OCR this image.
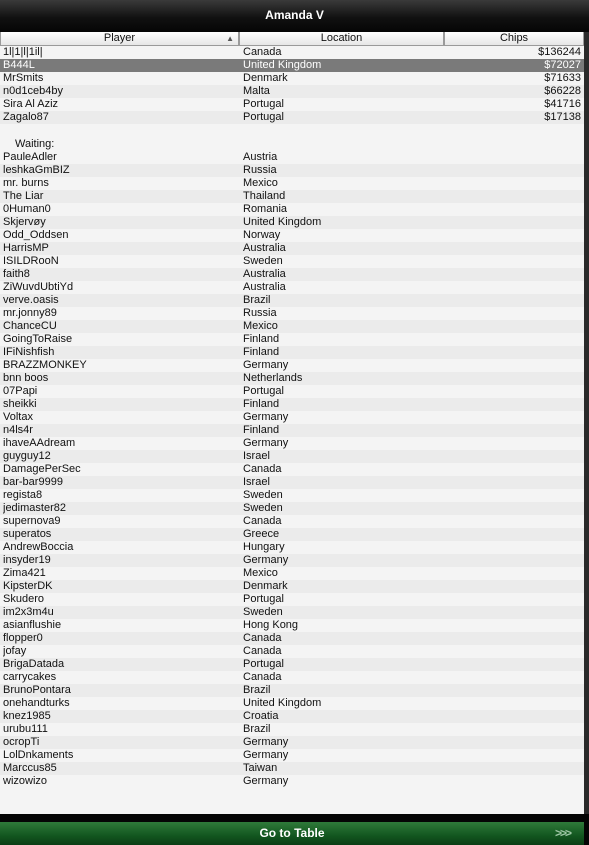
Amanda V
Player	▲	Location	Chips
1l|1|l|1il|	Canada	$136244
B444L	United Kingdom	$72027
MrSmits	Denmark	$71633
n0d1ceb4by	Malta	$66228
Sira Al Aziz	Portugal	$41716
Zagalo87	Portugal	$17138
Waiting:
PauleAdler	Austria
leshkaGmBIZ	Russia
mr. burns	Mexico
The Liar	Thailand
0Human0	Romania
Skjervøy	United Kingdom
Odd_Oddsen	Norway
HarrisMP	Australia
ISILDRooN	Sweden
faith8	Australia
ZiWuvdUbtiYd	Australia
verve.oasis	Brazil
mr.jonny89	Russia
ChanceCU	Mexico
GoingToRaise	Finland
IFiNishfish	Finland
BRAZZMONKEY	Germany
bnn boos	Netherlands
07Papi	Portugal
sheikki	Finland
Voltax	Germany
n4ls4r	Finland
ihaveAAdream	Germany
guyguy12	Israel
DamagePerSec	Canada
bar-bar9999	Israel
regista8	Sweden
jedimaster82	Sweden
supernova9	Canada
superatos	Greece
AndrewBoccia	Hungary
insyder19	Germany
Zima421	Mexico
KipsterDK	Denmark
Skudero	Portugal
im2x3m4u	Sweden
asianflushie	Hong Kong
flopper0	Canada
jofay	Canada
BrigaDatada	Portugal
carrycakes	Canada
BrunoPontara	Brazil
onehandturks	United Kingdom
knez1985	Croatia
urubu111	Brazil
ocropTi	Germany
LolDnkaments	Germany
Marccus85	Taiwan
wizowizo	Germany
Go to Table	>>>
